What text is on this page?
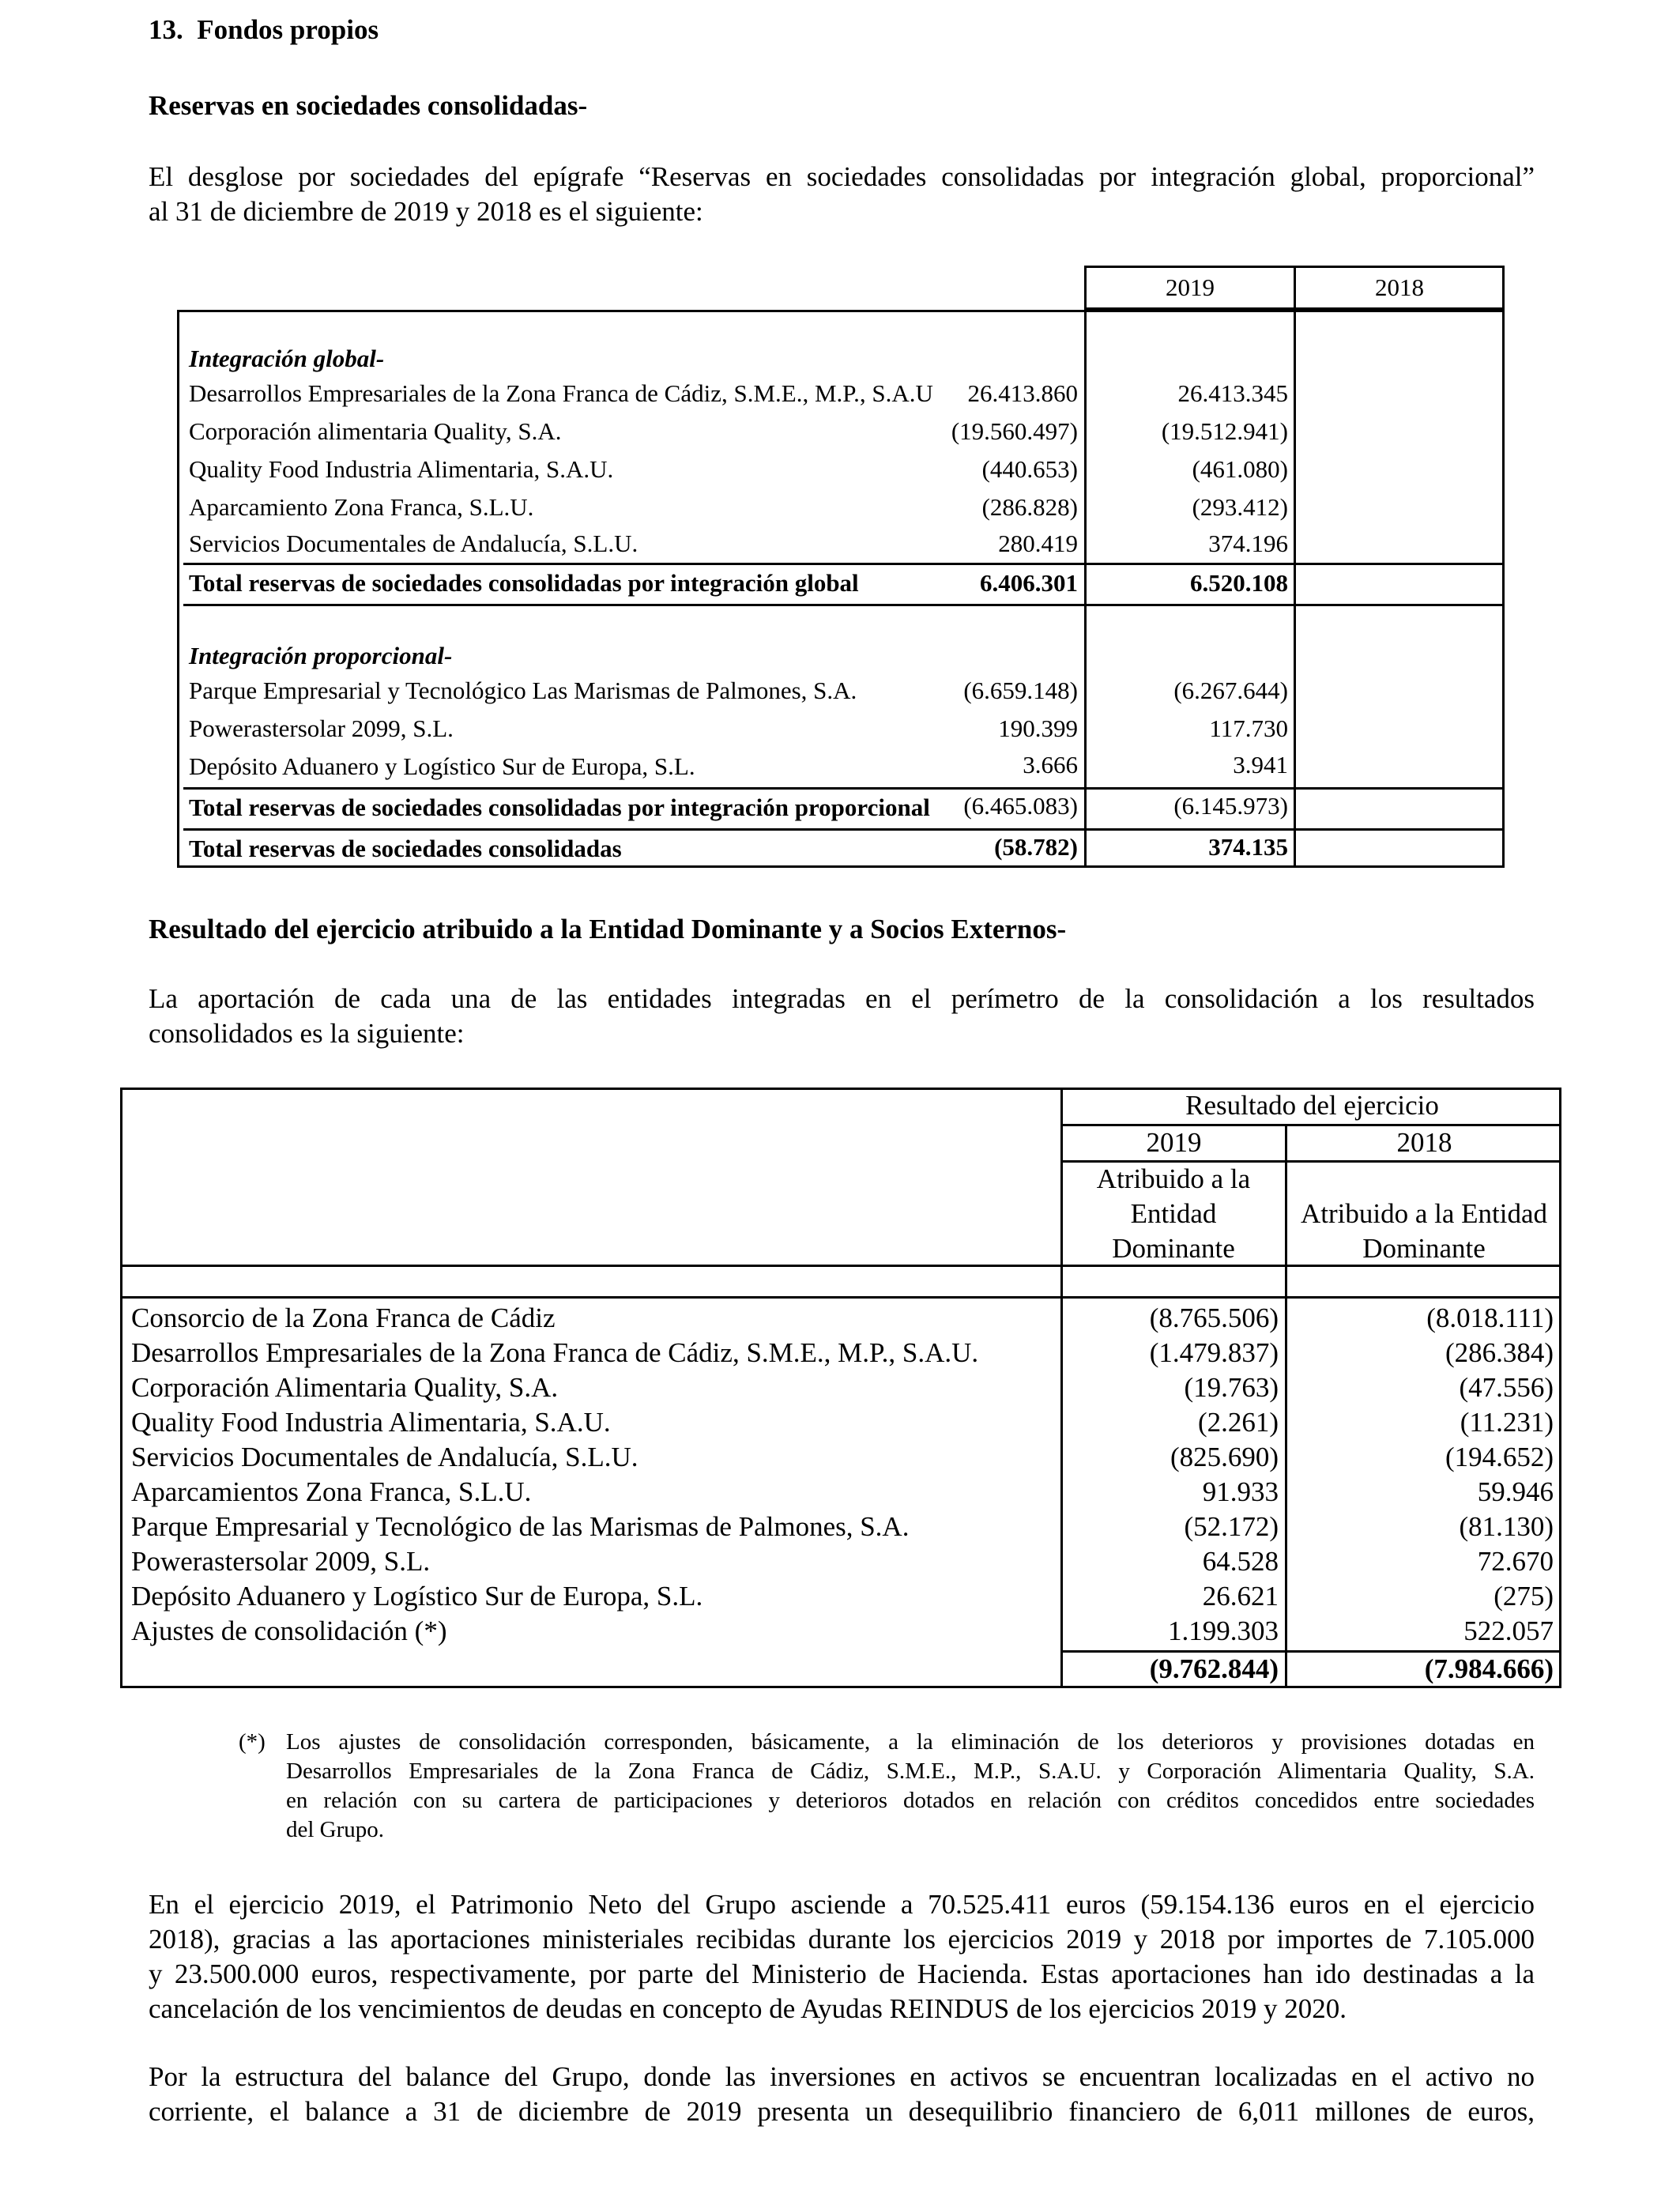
13.  Fondos propios
Reservas en sociedades consolidadas-
El desglose por sociedades del epígrafe “Reservas en sociedades consolidadas por integración global, proporcional”
al 31 de diciembre de 2019 y 2018 es el siguiente:
2019	2018
Integración global-
Desarrollos Empresariales de la Zona Franca de Cádiz, S.M.E., M.P., S.A.U	26.413.860	26.413.345
Corporación alimentaria Quality, S.A.	(19.560.497)	(19.512.941)
Quality Food Industria Alimentaria, S.A.U.	(440.653)	(461.080)
Aparcamiento Zona Franca, S.L.U.	(286.828)	(293.412)
Servicios Documentales de Andalucía, S.L.U.	280.419	374.196
Total reservas de sociedades consolidadas por integración global	6.406.301	6.520.108
Integración proporcional-
Parque Empresarial y Tecnológico Las Marismas de Palmones, S.A.	(6.659.148)	(6.267.644)
Powerastersolar 2099, S.L.	190.399	117.730
Depósito Aduanero y Logístico Sur de Europa, S.L.	3.666	3.941
Total reservas de sociedades consolidadas por integración proporcional	(6.465.083)	(6.145.973)
Total reservas de sociedades consolidadas	(58.782)	374.135
Resultado del ejercicio atribuido a la Entidad Dominante y a Socios Externos-
La aportación de cada una de las entidades integradas en el perímetro de la consolidación a los resultados
consolidados es la siguiente:
Resultado del ejercicio
2019	2018
Atribuido a la Entidad Dominante
Atribuido a la Entidad Dominante
Consorcio de la Zona Franca de Cádiz	(8.765.506)	(8.018.111)
Desarrollos Empresariales de la Zona Franca de Cádiz, S.M.E., M.P., S.A.U.	(1.479.837)	(286.384)
Corporación Alimentaria Quality, S.A.	(19.763)	(47.556)
Quality Food Industria Alimentaria, S.A.U.	(2.261)	(11.231)
Servicios Documentales de Andalucía, S.L.U.	(825.690)	(194.652)
Aparcamientos Zona Franca, S.L.U.	91.933	59.946
Parque Empresarial y Tecnológico de las Marismas de Palmones, S.A.	(52.172)	(81.130)
Powerastersolar 2009, S.L.	64.528	72.670
Depósito Aduanero y Logístico Sur de Europa, S.L.	26.621	(275)
Ajustes de consolidación (*)	1.199.303	522.057
(9.762.844)	(7.984.666)
(*) Los ajustes de consolidación corresponden, básicamente, a la eliminación de los deterioros y provisiones dotadas en
Desarrollos Empresariales de la Zona Franca de Cádiz, S.M.E., M.P., S.A.U. y Corporación Alimentaria Quality, S.A.
en relación con su cartera de participaciones y deterioros dotados en relación con créditos concedidos entre sociedades
del Grupo.
En el ejercicio 2019, el Patrimonio Neto del Grupo asciende a 70.525.411 euros (59.154.136 euros en el ejercicio
2018), gracias a las aportaciones ministeriales recibidas durante los ejercicios 2019 y 2018 por importes de 7.105.000
y 23.500.000 euros, respectivamente, por parte del Ministerio de Hacienda. Estas aportaciones han ido destinadas a la
cancelación de los vencimientos de deudas en concepto de Ayudas REINDUS de los ejercicios 2019 y 2020.
Por la estructura del balance del Grupo, donde las inversiones en activos se encuentran localizadas en el activo no
corriente, el balance a 31 de diciembre de 2019 presenta un desequilibrio financiero de 6,011 millones de euros,
